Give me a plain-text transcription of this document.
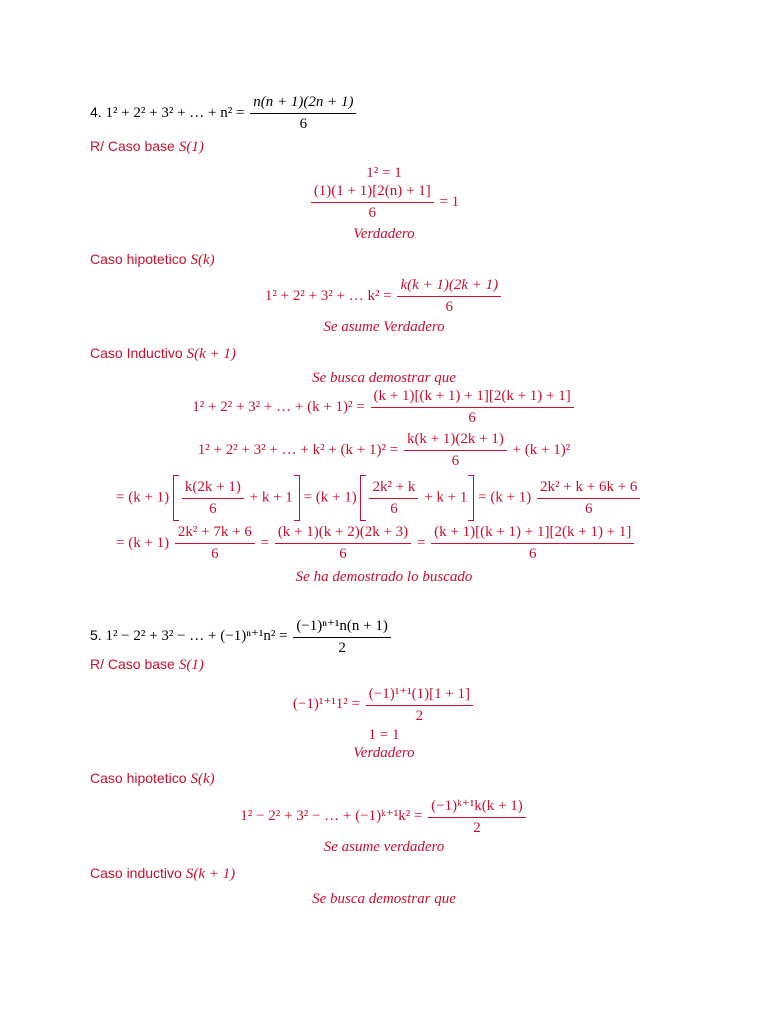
4. 1² + 2² + 3² + … + $n^2 = \frac{n(n + 1)(2n + 1)}{6}$
R/ Caso base S(1)
1² = 1
$\frac{(1)(1 + 1)[2(n) + 1]}{6} = 1$
Verdadero
Caso hipotetico S(k)
1² + 2² + 3² + … $k^2 = \frac{k(k + 1)(2k + 1)}{6}$
Se asume Verdadero
Caso Inductivo S(k + 1)
Se busca demostrar que
1² + 2² + 3² + … + $(k + 1)^2 = \frac{(k + 1)[(k + 1) + 1][2(k + 1) + 1]}{6}$
1² + 2² + 3² + … + $k^2 + (k + 1)^2 = \frac{k(k + 1)(2k + 1)}{6} + (k + 1)^2$
= $(k + 1) \frac{k(2k + 1)}{6} + k + 1 = (k + 1) \frac{\text{2k² + k}}{6} + k + 1 = (k + 1) \frac{\text{2k² + k + 6k + 6}}{6}$
= $(k + 1) \frac{\text{2k² + 7k + 6}}{6} = \frac{(k + 1)(k + 2)(2k + 3)}{6} = \frac{(k + 1)[(k + 1) + 1][2(k + 1) + 1]}{6}$
Se ha demostrado lo buscado
5. 1² − 2² + 3² − … + $(-1)^{n+1}n^2 = \frac{\text{(−1)ⁿ⁺¹n(n + 1)}}{2}$
R/ Caso base S(1)
$(-1)^{1+1}1^2 = \frac{\text{(−1)¹⁺¹(1)[1 + 1]}}{2}$
1 = 1
Verdadero
Caso hipotetico S(k)
1² − 2² + 3² − … + (−1)ᵏ⁺¹k² = $\frac{\text{(−1)ᵏ⁺¹k(k + 1)}}{2}$
Se asume verdadero
Caso inductivo S(k + 1)
Se busca demostrar que
